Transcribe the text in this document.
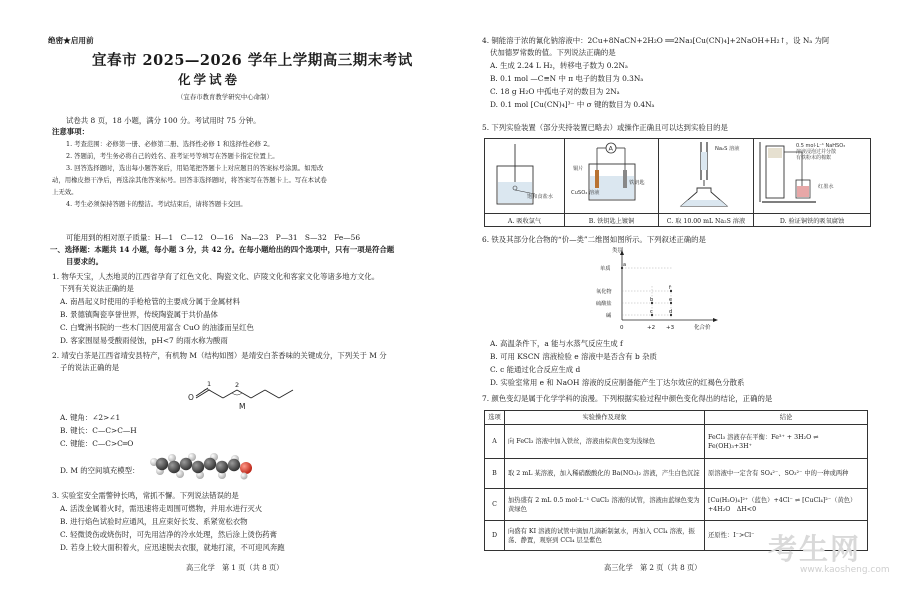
绝密★启用前
宜春市 2025—2026 学年上学期高三期末考试
化学试卷
（宜春市教育教学研究中心命制）
试卷共 8 页，18 小题，满分 100 分。考试用时 75 分钟。
注意事项：
1. 考查范围：必修第一册、必修第二册、选择性必修 1 和选择性必修 2。
2. 答题前，考生务必将自己的姓名、准考证号等填写在答题卡指定位置上。
3. 回答选择题时，选出每小题答案后，用铅笔把答题卡上对应题目的答案标号涂黑。如需改
动，用橡皮擦干净后，再选涂其他答案标号。回答非选择题时，将答案写在答题卡上。写在本试卷
上无效。
4. 考生必须保持答题卡的整洁。考试结束后，请将答题卡交回。
可能用到的相对原子质量：H—1　C—12　O—16　Na—23　P—31　S—32　Fe—56
一、选择题：本题共 14 小题，每小题 3 分，共 42 分。在每小题给出的四个选项中，只有一项是符合题
目要求的。
1. 物华天宝，人杰地灵的江西省孕育了红色文化、陶瓷文化、庐陵文化和客家文化等诸多地方文化。
下列有关说法正确的是
A. 南昌起义时使用的手枪枪管的主要成分属于金属材料
B. 景德镇陶瓷享誉世界，传统陶瓷属于共价晶体
C. 白鹭洲书院的一些木门因使用富含 CuO 的油漆而呈红色
D. 客家围屋易受酸雨侵蚀，pH<7 的雨水称为酸雨
2. 靖安白茶是江西省靖安县特产，有机物 M（结构如图）是靖安白茶香味的关键成分，下列关于 M 分
子的说法正确的是
O
1	2
M
A. 键角：∠2>∠1
B. 键长：C—C>C—H
C. 键能：C—C>C═O
D. M 的空间填充模型：
3. 实验室安全需警钟长鸣，常抓不懈。下列说法错误的是
A. 活泼金属着火时，需迅速将走周围可燃物，并用水进行灭火
B. 进行焰色试验时应通风，且应束好长发、系紧宽松衣物
C. 轻微烫伤或烧伤时，可先用洁净的冷水处理，然后涂上烫伤药膏
D. 若身上较大面积着火，应迅速脱去衣服，就地打滚，不可迎风奔跑
高三化学　第 1 页（共 8 页）
4. 铜能溶于浓的氰化钠溶液中：2Cu+8NaCN+2H₂O ══2Na₃[Cu(CN)₄]+2NaOH+H₂↑，设 Nₐ 为阿
伏加德罗常数的值。下列说法正确的是
A. 生成 2.24 L H₂，转移电子数为 0.2Nₐ
B. 0.1 mol —C≡N 中 π 电子的数目为 0.3Nₐ
C. 18 g H₂O 中孤电子对的数目为 2Nₐ
D. 0.1 mol [Cu(CN)₄]³⁻ 中 σ 键的数目为 0.4Nₐ
5. 下列实验装置（部分夹持装置已略去）或操作正确且可以达到实验目的是
饱和食盐水	A
铜片
CuSO₄ 溶液
铁钥匙	Na₂S 溶液	0.5 mol·L⁻¹ NaHSO₃
溶液浸泡过并分散
有铁粉末的棉絮
红墨水

A. 吸收氯气	B. 铁钥匙上镀铜	C. 取 10.00 mL Na₂S 溶液	D. 验证铜铁的吸氧腐蚀
6. 铁及其部分化合物的“价—类”二维图如图所示。下列叙述正确的是
类别
单质
氧化物
硫酸盐
碱
0	+2 +3	化合价
a
b
c	d
e
f
A. 高温条件下，a 能与水蒸气反应生成 f
B. 可用 KSCN 溶液检验 e 溶液中是否含有 b 杂质
C. c 能通过化合反应生成 d
D. 实验室常用 e 和 NaOH 溶液的反应制备能产生丁达尔效应的红褐色分散系
7. 颜色变幻是属于化学学科的浪漫。下列根据实验过程中颜色变化得出的结论，正确的是
选项	实验操作及现象	结论
A	向 FeCl₃ 溶液中加入铁丝，溶液由棕黄色变为浅绿色	FeCl₃ 溶液存在平衡：Fe³⁺ + 3H₂O ⇌ Fe(OH)₃+3H⁺
B	取 2 mL 某溶液，加入稀硝酸酸化的 Ba(NO₃)₂ 溶液，产生白色沉淀	原溶液中一定含有 SO₄²⁻、SO₃²⁻ 中的一种或两种
C	加热盛有 2 mL 0.5 mol·L⁻¹ CuCl₂ 溶液的试管，溶液由蓝绿色变为黄绿色	[Cu(H₂O)₄]²⁺（蓝色）+4Cl⁻ ⇌ [CuCl₄]²⁻（黄色）+4H₂O　ΔH<0
D	向盛有 KI 溶液的试管中滴加几滴新制氯水，再加入 CCl₄ 溶液，振荡、静置，观察到 CCl₄ 层呈紫色	还原性：I⁻>Cl⁻
高三化学　第 2 页（共 8 页）
考生网
www.kaosheng.com
